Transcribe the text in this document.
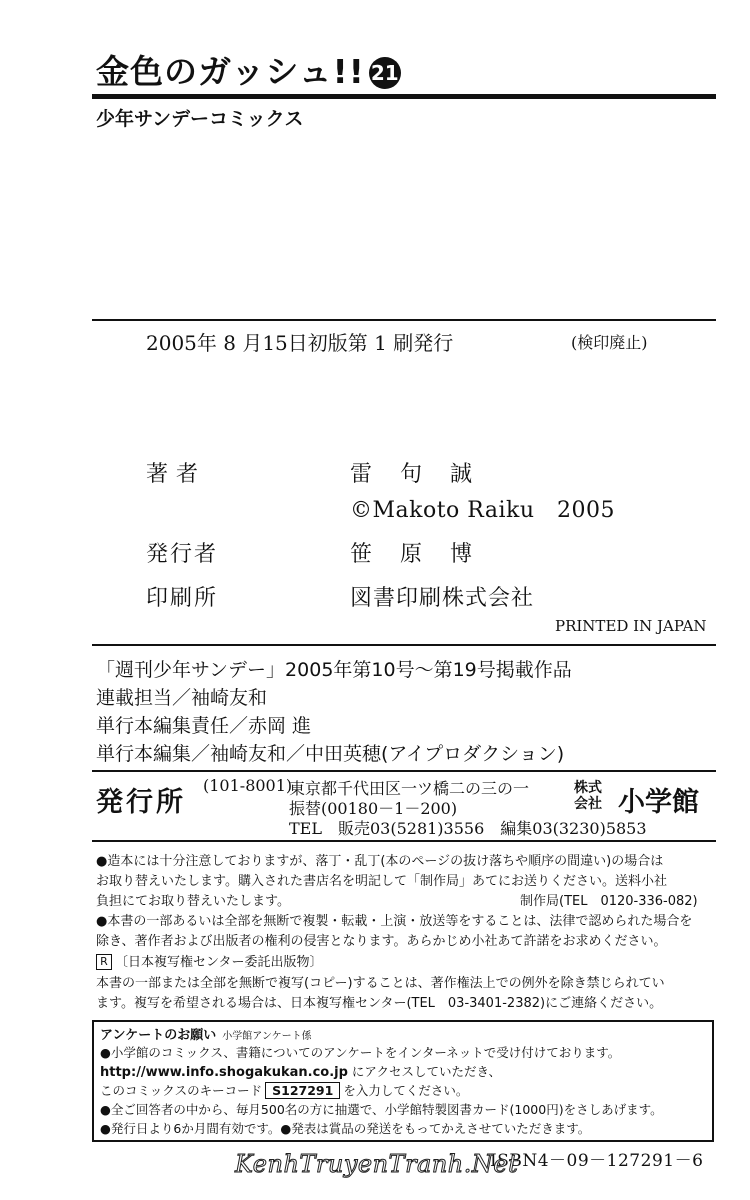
金色のガッシュ!! 21
少年サンデーコミックス
2005年 8 月15日初版第 1 刷発行	(検印廃止)
著者	雷句誠
©Makoto Raiku　2005
発行者	笹原博
印刷所	図書印刷株式会社
PRINTED IN JAPAN
「週刊少年サンデー」2005年第10号～第19号掲載作品
連載担当／袖崎友和
単行本編集責任／赤岡 進
単行本編集／袖崎友和／中田英穂(アイプロダクション)
発行所
(101-8001)
東京都千代田区一ツ橋二の三の一
振替(00180－1－200)
TEL　販売03(5281)3556　編集03(3230)5853
株式
会社 小学館
●造本には十分注意しておりますが、落丁・乱丁(本のページの抜け落ちや順序の間違い)の場合は
お取り替えいたします。購入された書店名を明記して「制作局」あてにお送りください。送料小社
負担にてお取り替えいたします。	制作局(TEL　0120-336-082)
●本書の一部あるいは全部を無断で複製・転載・上演・放送等をすることは、法律で認められた場合を
除き、著作者および出版者の権利の侵害となります。あらかじめ小社あて許諾をお求めください。
R 〔日本複写権センター委託出版物〕
本書の一部または全部を無断で複写(コピー)することは、著作権法上での例外を除き禁じられてい
ます。複写を希望される場合は、日本複写権センター(TEL　03-3401-2382)にご連絡ください。
アンケートのお願い 小学館アンケート係
●小学館のコミックス、書籍についてのアンケートをインターネットで受け付けております。
http://www.info.shogakukan.co.jp にアクセスしていただき、
このコミックスのキーコード S127291 を入力してください。
●全ご回答者の中から、毎月500名の方に抽選で、小学館特製図書カード(1000円)をさしあげます。
●発行日より6か月間有効です。●発表は賞品の発送をもってかえさせていただきます。
ISBN4－09－127291－6
KenhTruyenTranh.Net
